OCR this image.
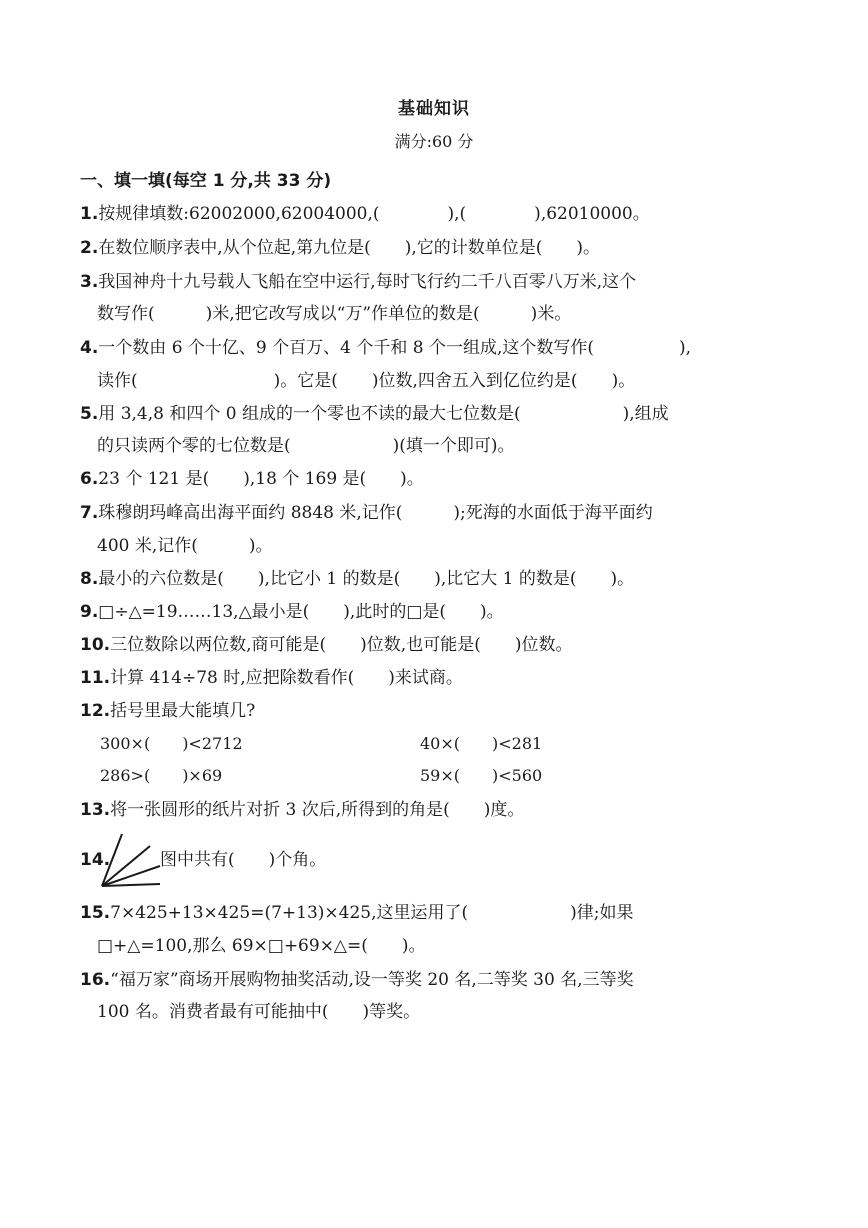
基础知识
满分:60 分
一、填一填(每空 1 分,共 33 分)
1.按规律填数:62002000,62004000,(　　　　),(　　　　),62010000。
2.在数位顺序表中,从个位起,第九位是(　　),它的计数单位是(　　)。
3.我国神舟十九号载人飞船在空中运行,每时飞行约二千八百零八万米,这个
数写作(　　　)米,把它改写成以“万”作单位的数是(　　　)米。
4.一个数由 6 个十亿、9 个百万、4 个千和 8 个一组成,这个数写作(　　　　　),
读作(　　　　　　　　)。它是(　　)位数,四舍五入到亿位约是(　　)。
5.用 3,4,8 和四个 0 组成的一个零也不读的最大七位数是(　　　　　　),组成
的只读两个零的七位数是(　　　　　　)(填一个即可)。
6.23 个 121 是(　　),18 个 169 是(　　)。
7.珠穆朗玛峰高出海平面约 8848 米,记作(　　　);死海的水面低于海平面约
400 米,记作(　　　)。
8.最小的六位数是(　　),比它小 1 的数是(　　),比它大 1 的数是(　　)。
9.□÷△=19……13,△最小是(　　),此时的□是(　　)。
10.三位数除以两位数,商可能是(　　)位数,也可能是(　　)位数。
11.计算 414÷78 时,应把除数看作(　　)来试商。
12.括号里最大能填几?
300×(　　)<2712	40×(　　)<281
286>(　　)×69	59×(　　)<560
13.将一张圆形的纸片对折 3 次后,所得到的角是(　　)度。
14.	图中共有(　　)个角。
15.7×425+13×425=(7+13)×425,这里运用了(　　　　　　)律;如果
□+△=100,那么 69×□+69×△=(　　)。
16.“福万家”商场开展购物抽奖活动,设一等奖 20 名,二等奖 30 名,三等奖
100 名。消费者最有可能抽中(　　)等奖。
